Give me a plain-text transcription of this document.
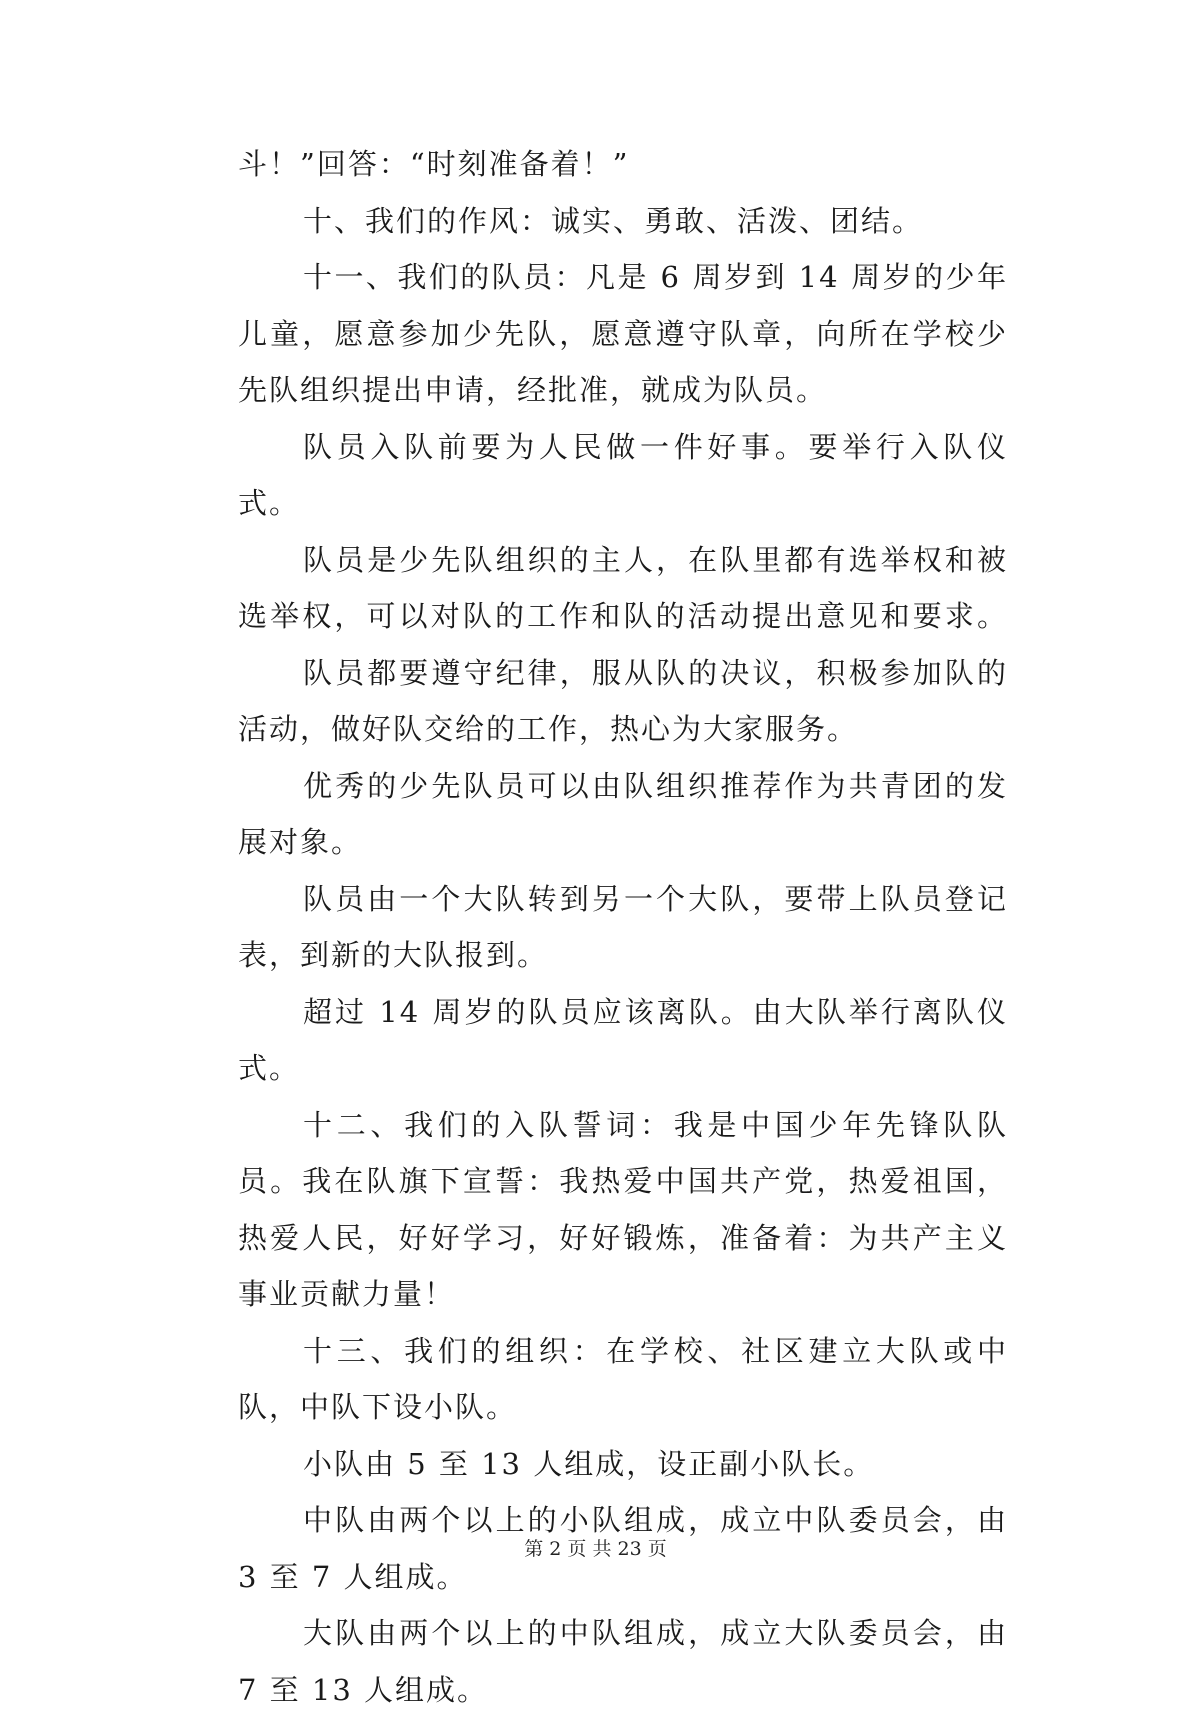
斗！”回答：“时刻准备着！”
十、我们的作风：诚实、勇敢、活泼、团结。
十一、我们的队员：凡是 6 周岁到 14 周岁的少年
儿童，愿意参加少先队，愿意遵守队章，向所在学校少
先队组织提出申请，经批准，就成为队员。
队员入队前要为人民做一件好事。要举行入队仪
式。
队员是少先队组织的主人，在队里都有选举权和被
选举权，可以对队的工作和队的活动提出意见和要求。
队员都要遵守纪律，服从队的决议，积极参加队的
活动，做好队交给的工作，热心为大家服务。
优秀的少先队员可以由队组织推荐作为共青团的发
展对象。
队员由一个大队转到另一个大队，要带上队员登记
表，到新的大队报到。
超过 14 周岁的队员应该离队。由大队举行离队仪
式。
十二、我们的入队誓词：我是中国少年先锋队队
员。我在队旗下宣誓：我热爱中国共产党，热爱祖国，
热爱人民，好好学习，好好锻炼，准备着：为共产主义
事业贡献力量！
十三、我们的组织：在学校、社区建立大队或中
队，中队下设小队。
小队由 5 至 13 人组成，设正副小队长。
中队由两个以上的小队组成，成立中队委员会，由
3 至 7 人组成。
大队由两个以上的中队组成，成立大队委员会，由
7 至 13 人组成。
第 2 页 共 23 页
